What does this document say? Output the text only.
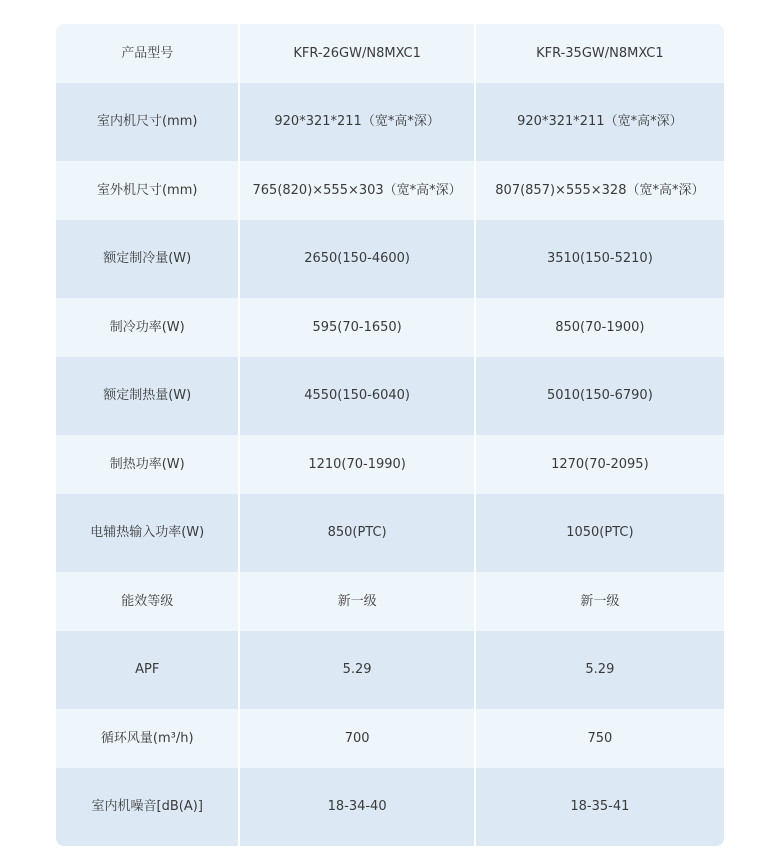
产品型号	KFR-26GW/N8MXC1	KFR-35GW/N8MXC1
室内机尺寸(mm)	920*321*211（宽*高*深）	920*321*211（宽*高*深）
室外机尺寸(mm)	765(820)×555×303（宽*高*深）	807(857)×555×328（宽*高*深）
额定制冷量(W)	2650(150-4600)	3510(150-5210)
制冷功率(W)	595(70-1650)	850(70-1900)
额定制热量(W)	4550(150-6040)	5010(150-6790)
制热功率(W)	1210(70-1990)	1270(70-2095)
电辅热输入功率(W)	850(PTC)	1050(PTC)
能效等级	新一级	新一级
APF	5.29	5.29
循环风量(m³/h)	700	750
室内机噪音[dB(A)]	18-34-40	18-35-41
